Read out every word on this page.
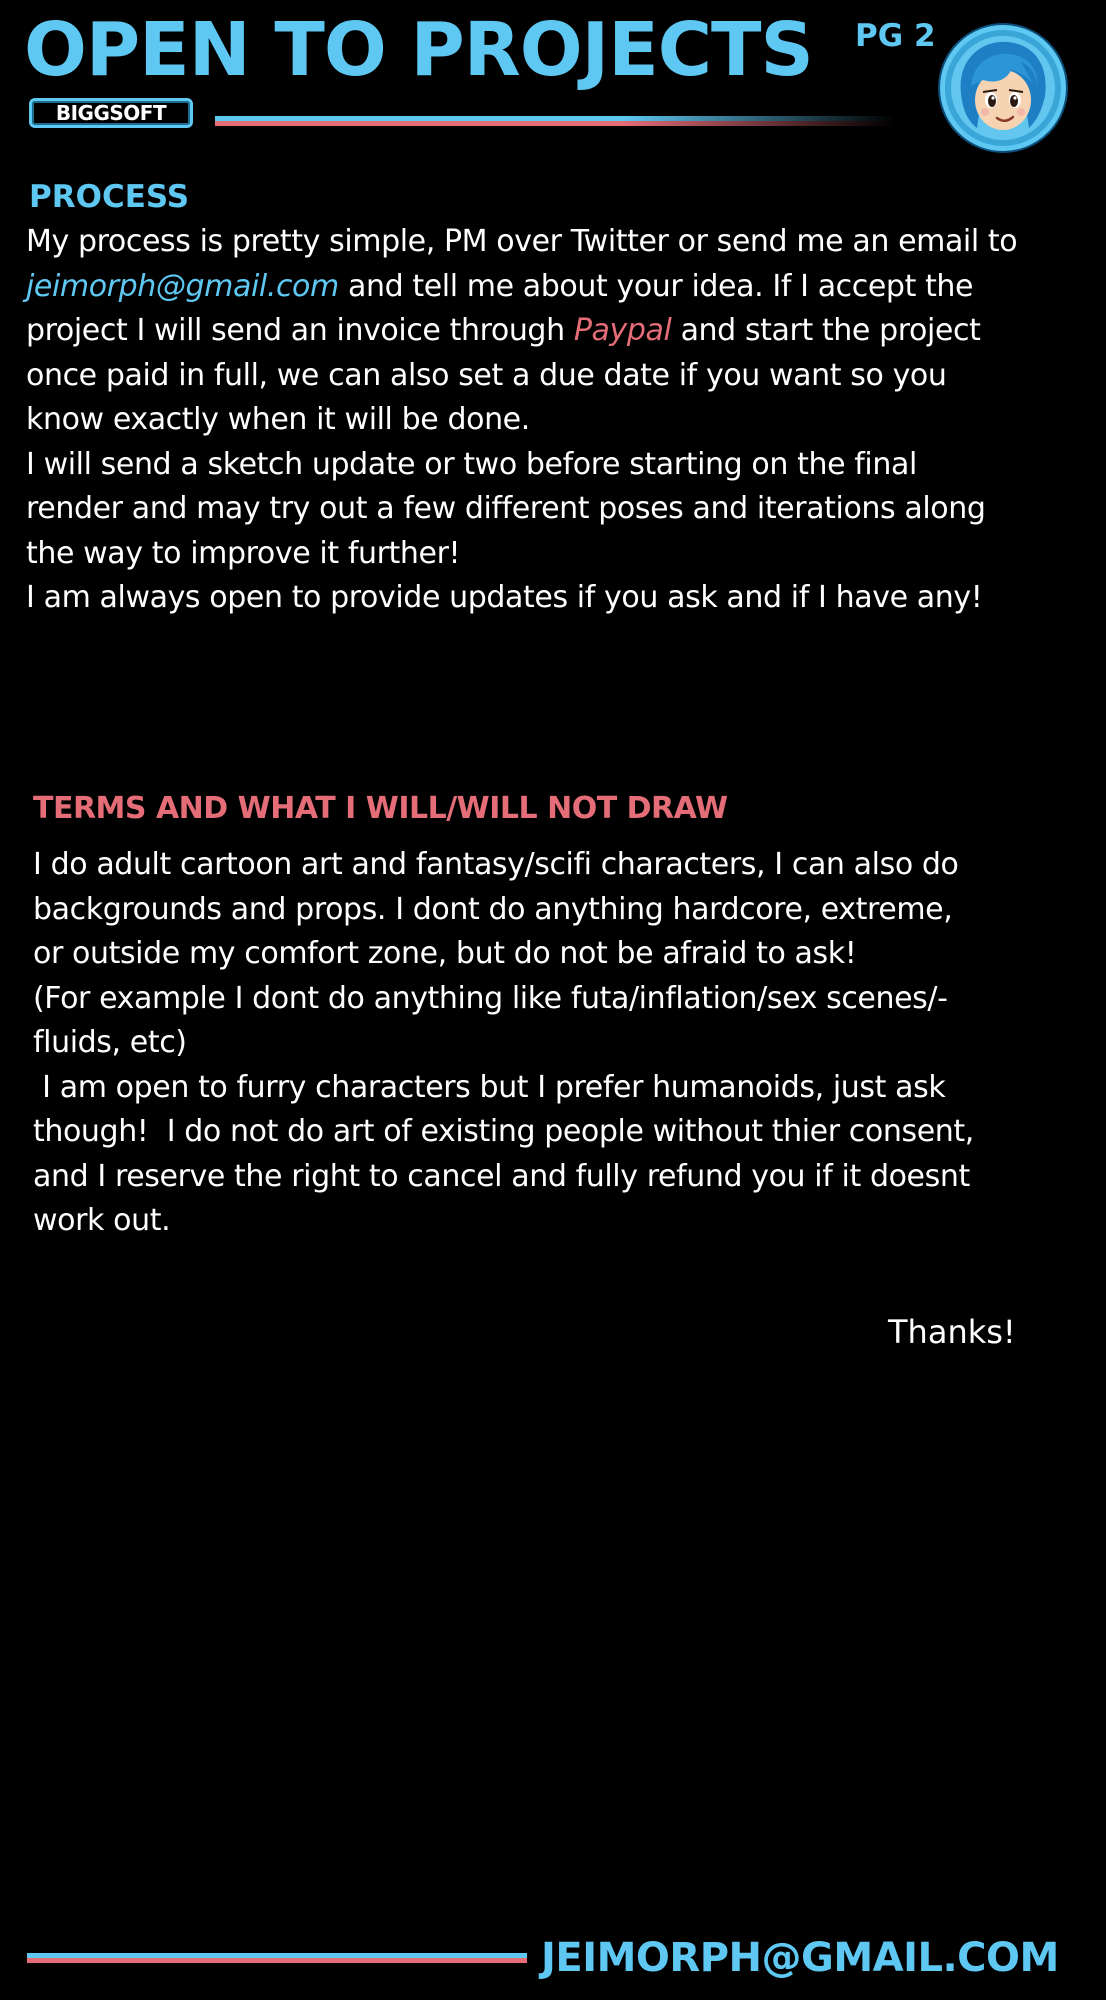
OPEN TO PROJECTS PG 2
BIGGSOFT
PROCESS
My process is pretty simple, PM over Twitter or send me an email to
jeimorph@gmail.com and tell me about your idea. If I accept the
project I will send an invoice through Paypal and start the project
once paid in full, we can also set a due date if you want so you
know exactly when it will be done.
I will send a sketch update or two before starting on the final
render and may try out a few different poses and iterations along
the way to improve it further!
I am always open to provide updates if you ask and if I have any!
TERMS AND WHAT I WILL/WILL NOT DRAW
I do adult cartoon art and fantasy/scifi characters, I can also do
backgrounds and props. I dont do anything hardcore, extreme,
or outside my comfort zone, but do not be afraid to ask!
(For example I dont do anything like futa/inflation/sex scenes/-
fluids, etc)
I am open to furry characters but I prefer humanoids, just ask
though!  I do not do art of existing people without thier consent,
and I reserve the right to cancel and fully refund you if it doesnt
work out.
Thanks!
JEIMORPH@GMAIL.COM
